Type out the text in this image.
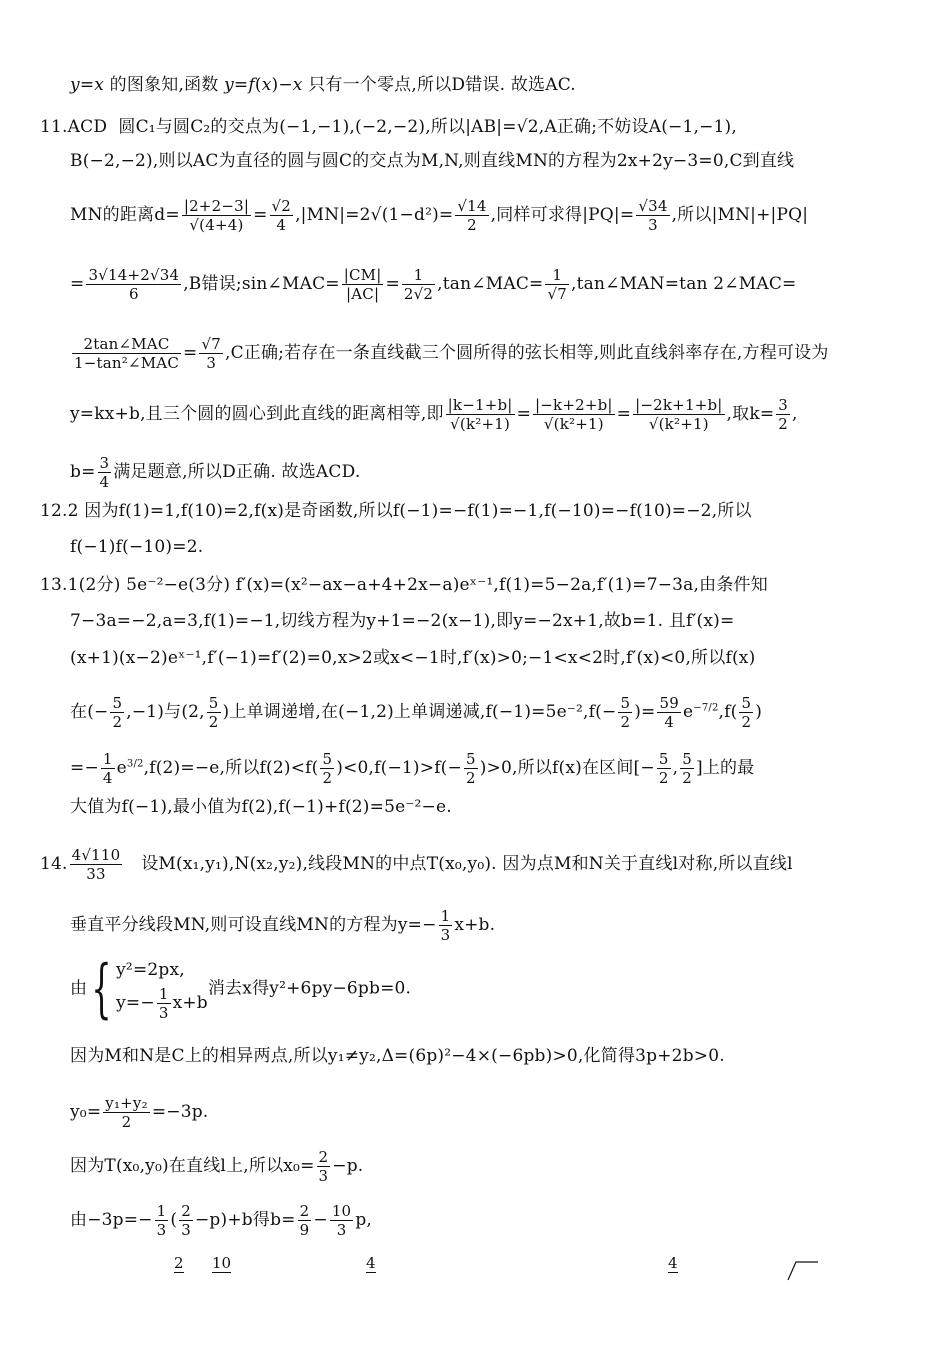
y=x 的图象知,函数 y=f(x)−x 只有一个零点,所以D错误. 故选AC.
11.ACD 圆C₁与圆C₂的交点为(−1,−1),(−2,−2),所以|AB|=√2,A正确;不妨设A(−1,−1),
B(−2,−2),则以AC为直径的圆与圆C的交点为M,N,则直线MN的方程为2x+2y−3=0,C到直线
MN的距离$d= \frac{|2+2-3|}{√(4+4)} = \frac{√2}{4} ,|MN|=2√(1-d^2)= \frac{√14}{2}$ ,同样可求得$|PQ|= \frac{√34}{3}$ ,所以|MN|+|PQ|
= $\frac{3√14+2√34}{6} ,B$错误;sin∠MAC= $\frac{|CM|}{|AC|} = \frac{1}{2√2}$ ,tan∠MAC= $\frac{1}{√7}$ ,tan∠MAN=tan 2∠MAC=
$\frac{\text{2tan∠MAC}}{\text{1−tan²∠MAC}} = \frac{√7}{3} ,C$正确;若存在一条直线截三个圆所得的弦长相等,则此直线斜率存在,方程可设为
y=kx+b,且三个圆的圆心到此直线的距离相等,即 $\frac{|k-1+b|}{\text{√(k²+1)}} = \frac{|-k+2+b|}{\text{√(k²+1)}} = \frac{|-2k+1+b|}{\text{√(k²+1)}}$ ,取$k= \frac{3}{2}$ ,
$b= \frac{3}{4}$ 满足题意,所以D正确. 故选ACD.
12.2 因为f(1)=1,f(10)=2,f(x)是奇函数,所以f(−1)=−f(1)=−1,f(−10)=−f(10)=−2,所以
f(−1)f(−10)=2.
13.1(2分) 5e⁻²−e(3分) f′(x)=(x²−ax−a+4+2x−a)eˣ⁻¹,f(1)=5−2a,f′(1)=7−3a,由条件知
7−3a=−2,a=3,f(1)=−1,切线方程为y+1=−2(x−1),即y=−2x+1,故b=1. 且f′(x)=
(x+1)(x−2)eˣ⁻¹,f′(−1)=f′(2)=0,x>2或x<−1时,f′(x)>0;−1<x<2时,f′(x)<0,所以f(x)
在(− $\frac{5}{2} ,-1$)与(2, $\frac{5}{2}$ )上单调递增,在(−1,2)上单调递减$,f(-1)=5e^{-2},f(- \frac{5}{2}$ )= $\frac{59}{4} e^{-7/2},f( \frac{5}{2}$ )
=− $\frac{1}{4} e^{3/2},f(2)=-e$,所以$f(2)<f( \frac{5}{2} )<0,f(-1)>f(- \frac{5}{2} )>0$,所以f(x)在区间[− $\frac{5}{2}$ , $\frac{5}{2}$ ]上的最
大值为f(−1),最小值为f(2),f(−1)+f(2)=5e⁻²−e.
14. $\frac{4√110}{33}$ 设M(x₁,y₁),N(x₂,y₂),线段MN的中点T(x₀,y₀). 因为点M和N关于直线l对称,所以直线l
垂直平分线段MN,则可设直线MN的方程为$y=- \frac{1}{3} x+b$.
由{ y²=2px,
$y=- \frac{1}{3} x+b$
消去x得y²+6py−6pb=0.
因为M和N是C上的相异两点,所以y₁≠y₂,Δ=(6p)²−4×(−6pb)>0,化简得3p+2b>0.
$y_0= \frac{\text{y₁+y₂}}{2} =-3p$.
因为T(x₀,y₀)在直线l上,所以$x_0= \frac{2}{3} -p$.
由$-3p=- \frac{1}{3}$ ( $\frac{2}{3} -p)+b$得$b= \frac{2}{9} - \frac{10}{3} p$,
2 10	4	4
